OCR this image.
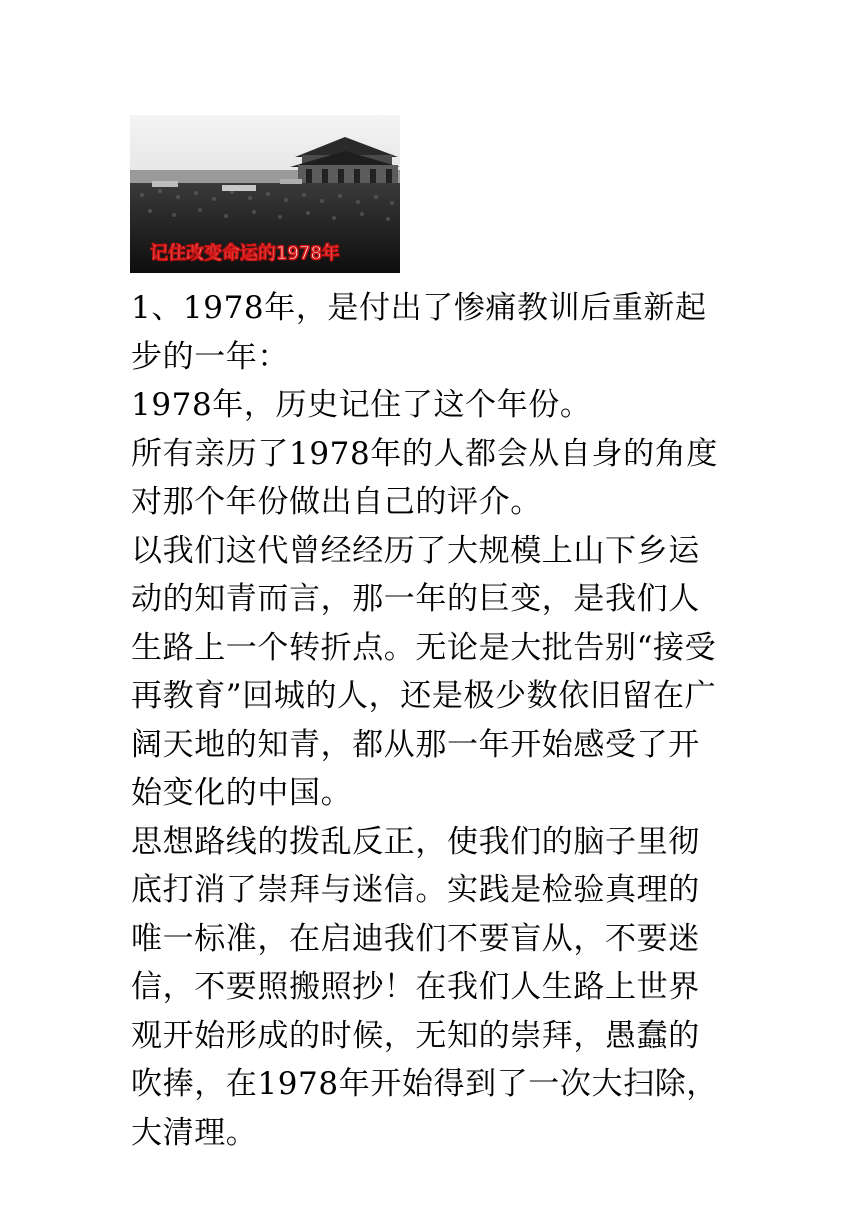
记住改变命运的1978年

1、1978年，是付出了惨痛教训后重新起步的一年：

1978年，历史记住了这个年份。

所有亲历了1978年的人都会从自身的角度对那个年份做出自己的评介。

以我们这代曾经经历了大规模上山下乡运动的知青而言，那一年的巨变，是我们人生路上一个转折点。无论是大批告别“接受再教育”回城的人，还是极少数依旧留在广阔天地的知青，都从那一年开始感受了开始变化的中国。

思想路线的拨乱反正，使我们的脑子里彻底打消了崇拜与迷信。实践是检验真理的唯一标准，在启迪我们不要盲从，不要迷信，不要照搬照抄！在我们人生路上世界观开始形成的时候，无知的崇拜，愚蠢的吹捧，在1978年开始得到了一次大扫除，大清理。
